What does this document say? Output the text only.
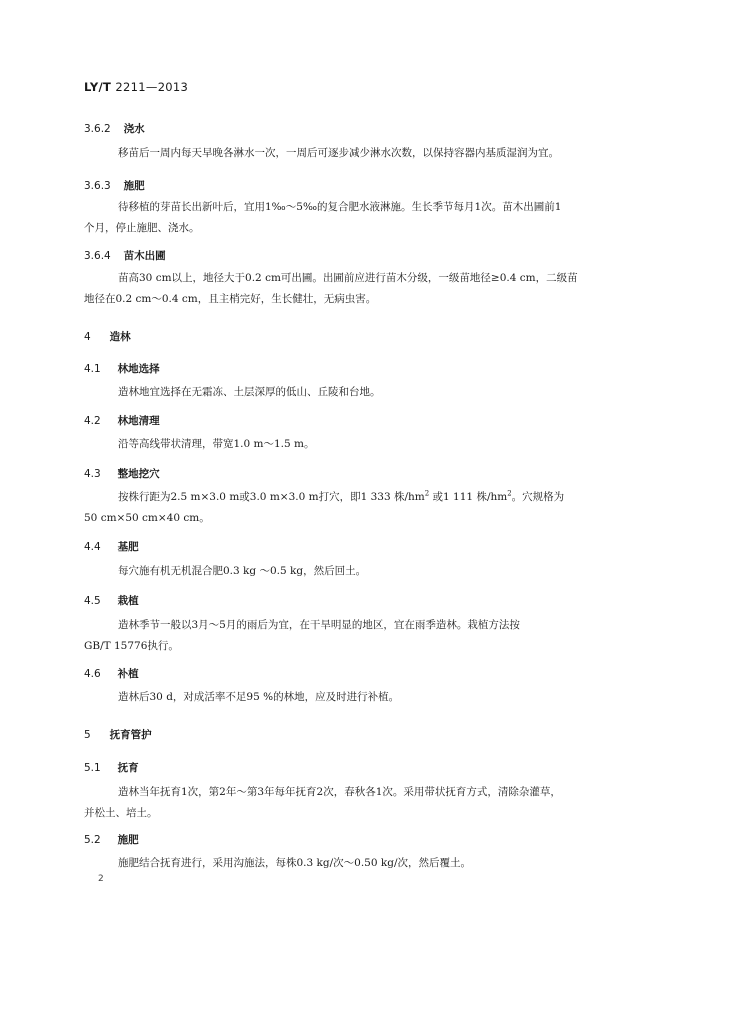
LY/T 2211—2013
3.6.2 浇水
移苗后一周内每天早晚各淋水一次，一周后可逐步减少淋水次数，以保持容器内基质湿润为宜。
3.6.3 施肥
待移植的芽苗长出新叶后，宜用1‰～5‰的复合肥水液淋施。生长季节每月1次。苗木出圃前1
个月，停止施肥、浇水。
3.6.4 苗木出圃
苗高30 cm以上，地径大于0.2 cm可出圃。出圃前应进行苗木分级，一级苗地径≥0.4 cm，二级苗
地径在0.2 cm～0.4 cm，且主梢完好，生长健壮，无病虫害。
4 造林
4.1 林地选择
造林地宜选择在无霜冻、土层深厚的低山、丘陵和台地。
4.2 林地清理
沿等高线带状清理，带宽1.0 m～1.5 m。
4.3 整地挖穴
按株行距为2.5 m×3.0 m或3.0 m×3.0 m打穴，即1 333 株$/hm^2$ 或1 111 株$/hm^2$。穴规格为
50 cm×50 cm×40 cm。
4.4 基肥
每穴施有机无机混合肥0.3 kg ～0.5 kg，然后回土。
4.5 栽植
造林季节一般以3月～5月的雨后为宜，在干旱明显的地区，宜在雨季造林。栽植方法按
GB/T 15776执行。
4.6 补植
造林后30 d，对成活率不足95 %的林地，应及时进行补植。
5 抚育管护
5.1 抚育
造林当年抚育1次，第2年～第3年每年抚育2次，春秋各1次。采用带状抚育方式，清除杂灌草，
并松土、培土。
5.2 施肥
施肥结合抚育进行，采用沟施法，每株0.3 kg/次～0.50 kg/次，然后覆土。
2
